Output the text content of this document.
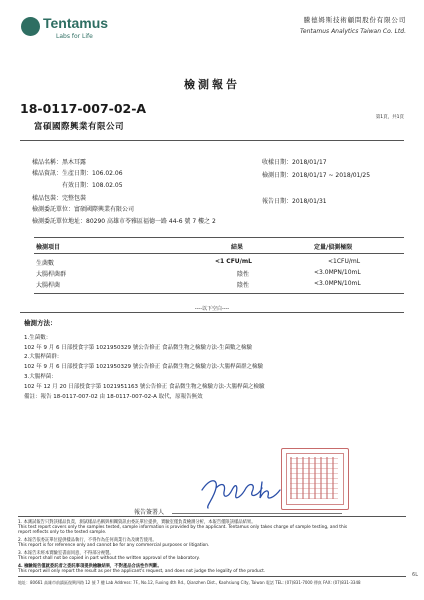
Tentamus
Labs for Life
騰德姆斯技術顧問股份有限公司
Tentamus Analytics Taiwan Co. Ltd.
檢測報告
18-0117-007-02-A
第1頁，共1頁
富碩國際興業有限公司
樣品名稱：黑木耳露
樣品資訊：生產日期：106.02.06
有效日期：108.02.05
樣品包裝：完整包裝
檢測委託單位：富碩國際興業有限公司
檢測委託單位地址：80290 高雄市苓雅區福德一路 44-6 號 7 樓之 2
收樣日期：2018/01/17
檢測日期：2018/01/17 ~ 2018/01/25
報告日期：2018/01/31
檢測項目	結果	定量/偵測極限
生菌數	<1 CFU/mL	<1CFU/mL
大腸桿菌群	陰性	<3.0MPN/10mL
大腸桿菌	陰性	<3.0MPN/10mL
----以下空白----
檢測方法：
1.生菌數：
102 年 9 月 6 日部授食字第 1021950329 號公告修正 食品微生物之檢驗方法-生菌數之檢驗
2.大腸桿菌群：
102 年 9 月 6 日部授食字第 1021950329 號公告修正 食品微生物之檢驗方法-大腸桿菌群之檢驗
3.大腸桿菌：
102 年 12 月 20 日部授食字第 1021951163 號公告修正 食品微生物之檢驗方法-大腸桿菌之檢驗
備註：報告 18-0117-007-02 由 18-0117-007-02-A 取代，原報告無效
報告簽署人
1. 本測試報告只對該樣品負責，測試樣品名稱與相關資訊由委託單位提供，實驗室僅負責檢測分析，本報告僅限該樣品結果。
This test report covers only the samples tested, sample information is provided by the applicant. Tentamus only takes charge of sample testing, and this
report reflects only to the tested sample.
2. 本報告依委託單位提供樣品執行，不得作為任何商業行為及廣告使用。
This report is for reference only and cannot be for any commercial purposes or litigation.
3. 本報告未經本實驗室書面同意，不得部分複製。
This report shall not be copied in part without the written approval of the laboratory.
4. 檢驗報告僅就委託者之委託事項提供檢驗結果，不對產品合法性作判斷。
This report will only report the result as per the applicant's request, and does not judge the legality of the product.
地址：80661 高雄市前鎮區復興四路 12 號 7 樓 Lab Address: 7F., No.12, Fuxing 4th Rd., Qianzhen Dist., Kaohsiung City, Taiwan 電話 TEL: (07)831-7000 傳真 FAX: (07)831-3348
6L
